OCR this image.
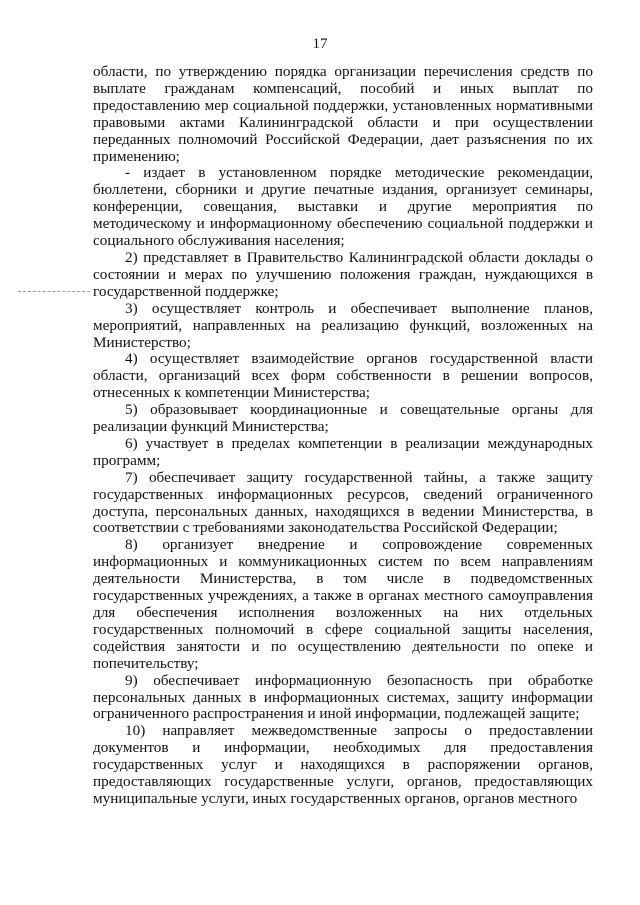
17

области, по утверждению порядка организации перечисления средств по выплате гражданам компенсаций, пособий и иных выплат по предоставлению мер социальной поддержки, установленных нормативными правовыми актами Калининградской области и при осуществлении переданных полномочий Российской Федерации, дает разъяснения по их применению;

- издает в установленном порядке методические рекомендации, бюллетени, сборники и другие печатные издания, организует семинары, конференции, совещания, выставки и другие мероприятия по методическому и информационному обеспечению социальной поддержки и социального обслуживания населения;

2) представляет в Правительство Калининградской области доклады о состоянии и мерах по улучшению положения граждан, нуждающихся в государственной поддержке;

3) осуществляет контроль и обеспечивает выполнение планов, мероприятий, направленных на реализацию функций, возложенных на Министерство;

4) осуществляет взаимодействие органов государственной власти области, организаций всех форм собственности в решении вопросов, отнесенных к компетенции Министерства;

5) образовывает координационные и совещательные органы для реализации функций Министерства;

6) участвует в пределах компетенции в реализации международных программ;

7) обеспечивает защиту государственной тайны, а также защиту государственных информационных ресурсов, сведений ограниченного доступа, персональных данных, находящихся в ведении Министерства, в соответствии с требованиями законодательства Российской Федерации;

8) организует внедрение и сопровождение современных информационных и коммуникационных систем по всем направлениям деятельности Министерства, в том числе в подведомственных государственных учреждениях, а также в органах местного самоуправления для обеспечения исполнения возложенных на них отдельных государственных полномочий в сфере социальной защиты населения, содействия занятости и по осуществлению деятельности по опеке и попечительству;

9) обеспечивает информационную безопасность при обработке персональных данных в информационных системах, защиту информации ограниченного распространения и иной информации, подлежащей защите;

10) направляет межведомственные запросы о предоставлении документов и информации, необходимых для предоставления государственных услуг и находящихся в распоряжении органов, предоставляющих государственные услуги, органов, предоставляющих муниципальные услуги, иных государственных органов, органов местного
